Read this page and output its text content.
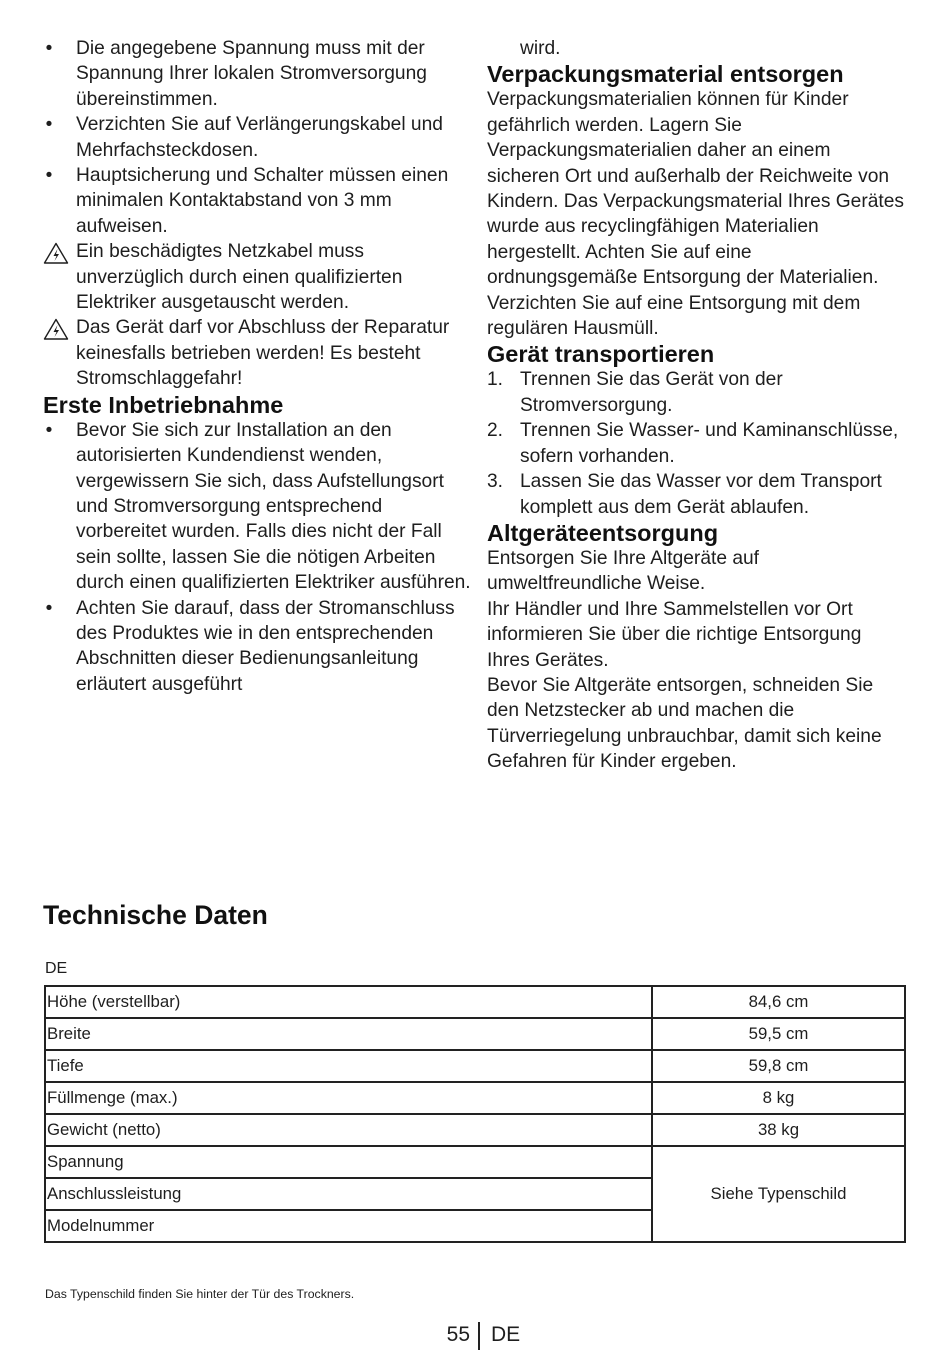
• Die angegebene Spannung muss mit der Spannung Ihrer lokalen Stromversorgung übereinstimmen.
• Verzichten Sie auf Verlängerungskabel und Mehrfachsteckdosen.
• Hauptsicherung und Schalter müssen einen minimalen Kontaktabstand von 3 mm aufweisen.
Ein beschädigtes Netzkabel muss unverzüglich durch einen qualifizierten Elektriker ausgetauscht werden.
Das Gerät darf vor Abschluss der Reparatur keinesfalls betrieben werden! Es besteht Stromschlaggefahr!
Erste Inbetriebnahme
• Bevor Sie sich zur Installation an den autorisierten Kundendienst wenden, vergewissern Sie sich, dass Aufstellungsort und Stromversorgung entsprechend vorbereitet wurden. Falls dies nicht der Fall sein sollte, lassen Sie die nötigen Arbeiten durch einen qualifizierten Elektriker ausführen.
• Achten Sie darauf, dass der Stromanschluss des Produktes wie in den entsprechenden Abschnitten dieser Bedienungsanleitung erläutert ausgeführt
wird.
Verpackungsmaterial entsorgen

Verpackungsmaterialien können für Kinder gefährlich werden. Lagern Sie Verpackungsmaterialien daher an einem sicheren Ort und außerhalb der Reichweite von Kindern. Das Verpackungsmaterial Ihres Gerätes wurde aus recyclingfähigen Materialien hergestellt. Achten Sie auf eine ordnungsgemäße Entsorgung der Materialien. Verzichten Sie auf eine Entsorgung mit dem regulären Hausmüll.

Gerät transportieren
1. Trennen Sie das Gerät von der Stromversorgung.
2. Trennen Sie Wasser- und Kaminanschlüsse, sofern vorhanden.
3. Lassen Sie das Wasser vor dem Transport komplett aus dem Gerät ablaufen.
Altgeräteentsorgung

Entsorgen Sie Ihre Altgeräte auf umweltfreundliche Weise.

Ihr Händler und Ihre Sammelstellen vor Ort informieren Sie über die richtige Entsorgung Ihres Gerätes.

Bevor Sie Altgeräte entsorgen, schneiden Sie den Netzstecker ab und machen die Türverriegelung unbrauchbar, damit sich keine Gefahren für Kinder ergeben.

Technische Daten
DE
Höhe (verstellbar)	84,6 cm
Breite	59,5 cm
Tiefe	59,8 cm
Füllmenge (max.)	8 kg
Gewicht (netto)	38 kg
Spannung	Siehe Typenschild
Anschlussleistung	
Modelnummer	
Das Typenschild finden Sie hinter der Tür des Trockners.
55 DE
